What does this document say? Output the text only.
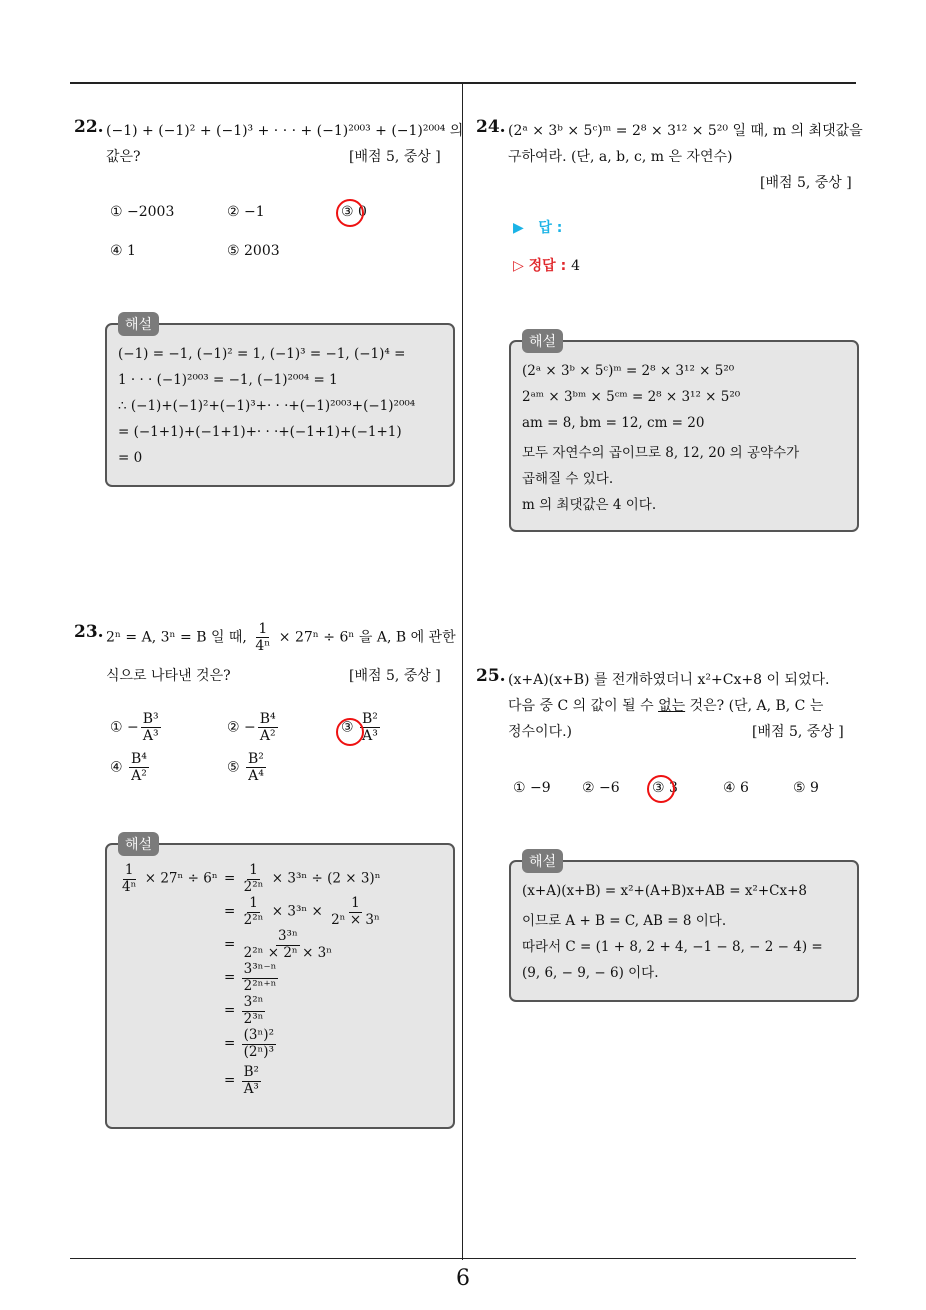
22. (−1) + (−1)² + (−1)³ + · · · + (−1)²⁰⁰³ + (−1)²⁰⁰⁴ 의
값은?	[배점 5, 중상 ]
① −2003	② −1	③ 0
④ 1	⑤ 2003
해설
(−1) = −1, (−1)² = 1, (−1)³ = −1, (−1)⁴ =
1 · · · (−1)²⁰⁰³ = −1, (−1)²⁰⁰⁴ = 1
∴ (−1)+(−1)²+(−1)³+· · ·+(−1)²⁰⁰³+(−1)²⁰⁰⁴
= (−1+1)+(−1+1)+· · ·+(−1+1)+(−1+1)
= 0
23. 2ⁿ = A, 3ⁿ = B 일 때, $\frac{1}{\text{4ⁿ}} \times 27^n \div 6^n$ 을 A, B 에 관한
식으로 나타낸 것은?	[배점 5, 중상 ]
① − $\frac{\text{B³}}{\text{A³}}$	② − $\frac{\text{B⁴}}{\text{A²}}$	③ $\frac{\text{B²}}{\text{A³}}$
④ $\frac{\text{B⁴}}{\text{A²}}$	⑤ $\frac{\text{B²}}{\text{A⁴}}$
해설
$\frac{1}{\text{4ⁿ}} \times 27^n \div 6^n = \frac{1}{\text{2²ⁿ}} \times 3^{3n} \div (2 \times 3)^n$
= $\frac{1}{\text{2²ⁿ}} \times 3^{3n} \times \frac{1}{\text{2ⁿ × 3ⁿ}}$
= $\frac{\text{3³ⁿ}}{\text{2²ⁿ × 2ⁿ × 3ⁿ}}$
= $\frac{\text{3³ⁿ⁻ⁿ}}{\text{2²ⁿ⁺ⁿ}}$
= $\frac{\text{3²ⁿ}}{\text{2³ⁿ}}$
= $\frac{\text{(3ⁿ)²}}{\text{(2ⁿ)³}}$
= $\frac{\text{B²}}{\text{A³}}$
24. (2ᵃ × 3ᵇ × 5ᶜ)ᵐ = 2⁸ × 3¹² × 5²⁰ 일 때, m 의 최댓값을
구하여라. (단, a, b, c, m 은 자연수)
[배점 5, 중상 ]
▶ 답 :
▷ 정답 : 4
해설
(2ᵃ × 3ᵇ × 5ᶜ)ᵐ = 2⁸ × 3¹² × 5²⁰
2ᵃᵐ × 3ᵇᵐ × 5ᶜᵐ = 2⁸ × 3¹² × 5²⁰
am = 8, bm = 12, cm = 20
모두 자연수의 곱이므로 8, 12, 20 의 공약수가
곱해질 수 있다.
m 의 최댓값은 4 이다.
25. (x+A)(x+B) 를 전개하였더니 x²+Cx+8 이 되었다.
다음 중 C 의 값이 될 수 없는 것은? (단, A, B, C 는
정수이다.)	[배점 5, 중상 ]
① −9 ② −6 ③ 3	④ 6	⑤ 9
해설
(x+A)(x+B) = x²+(A+B)x+AB = x²+Cx+8
이므로 A + B = C, AB = 8 이다.
따라서 C = (1 + 8, 2 + 4, −1 − 8, − 2 − 4) =
(9, 6, − 9, − 6) 이다.
6
